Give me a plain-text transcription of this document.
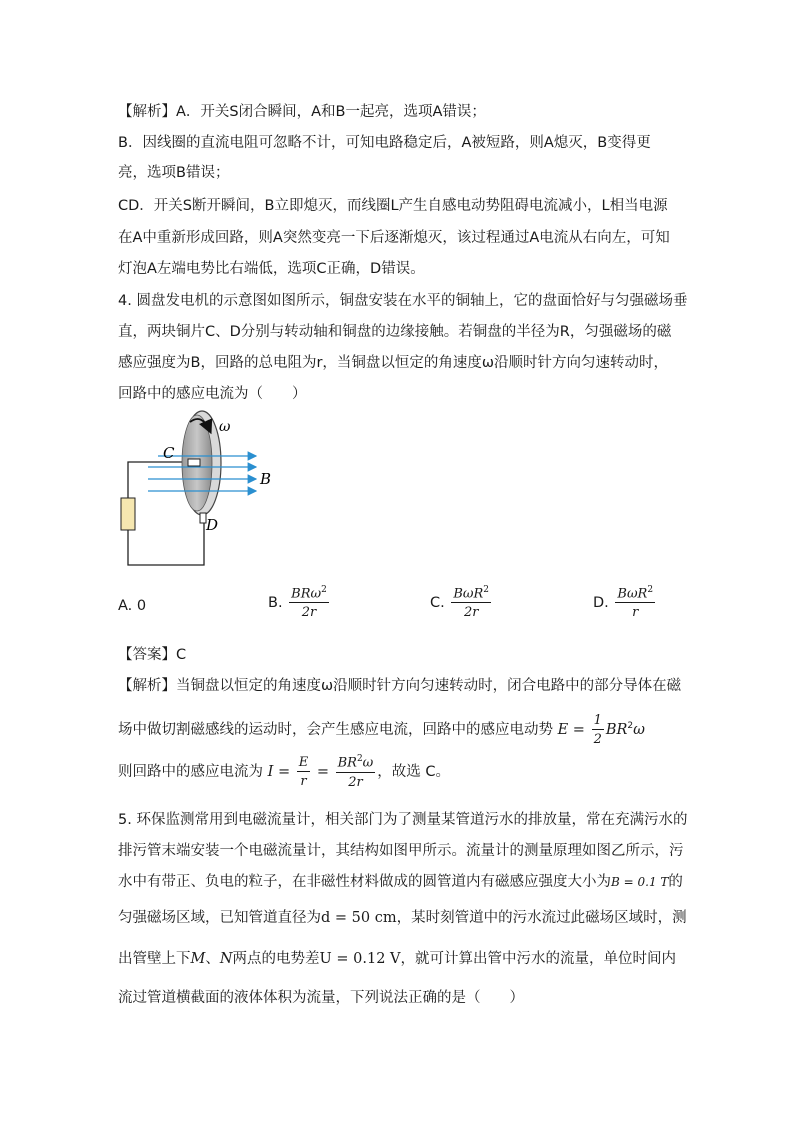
【解析】A．开关S闭合瞬间，A和B一起亮，选项A错误；
B．因线圈的直流电阻可忽略不计，可知电路稳定后，A被短路，则A熄灭，B变得更
亮，选项B错误；
CD．开关S断开瞬间，B立即熄灭，而线圈L产生自感电动势阻碍电流减小，L相当电源
在A中重新形成回路，则A突然变亮一下后逐渐熄灭，该过程通过A电流从右向左，可知
灯泡A左端电势比右端低，选项C正确，D错误。
4. 圆盘发电机的示意图如图所示，铜盘安装在水平的铜轴上，它的盘面恰好与匀强磁场垂
直，两块铜片C、D分别与转动轴和铜盘的边缘接触。若铜盘的半径为R，匀强磁场的磁
感应强度为B，回路的总电阻为r，当铜盘以恒定的角速度ω沿顺时针方向匀速转动时，
回路中的感应电流为（　　）
C
D
B
ω
A. 0	B. $\frac{BR\omega^2}{2r}$	C. $\frac{B\omega R^2}{2r}$	D. $\frac{B\omega R^2}{r}$
【答案】C
【解析】当铜盘以恒定的角速度ω沿顺时针方向匀速转动时，闭合电路中的部分导体在磁
场中做切割磁感线的运动时，会产生感应电流，回路中的感应电动势 $E = \frac{1}{2} BR^2\omega$
则回路中的感应电流为 $I = \frac{E}{r} = \frac{BR^2\omega}{2r}$ ，故选 C。
5. 环保监测常用到电磁流量计，相关部门为了测量某管道污水的排放量，常在充满污水的
排污管末端安装一个电磁流量计，其结构如图甲所示。流量计的测量原理如图乙所示，污
水中有带正、负电的粒子，在非磁性材料做成的圆管道内有磁感应强度大小为B = 0.1 T的
匀强磁场区域，已知管道直径为d = 50 cm，某时刻管道中的污水流过此磁场区域时，测
出管壁上下M、N两点的电势差U = 0.12 V，就可计算出管中污水的流量，单位时间内
流过管道横截面的液体体积为流量，下列说法正确的是（　　）
